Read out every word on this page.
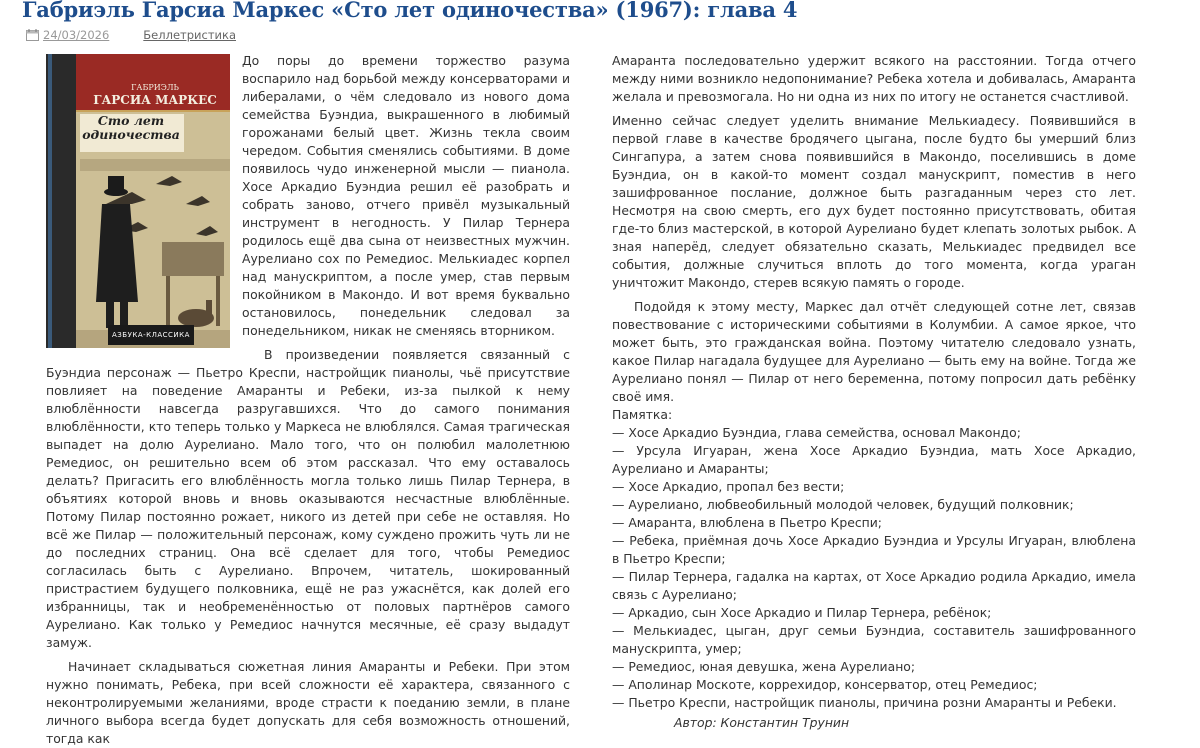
Габриэль Гарсиа Маркес «Сто лет одиночества» (1967): глава 4
24/03/2026	Беллетристика
ГАБРИЭЛЬ
ГАРСИА МАРКЕС
Сто лет одиночества
АЗБУКА-КЛАССИКА

До поры до времени торжество разума воспарило над борьбой между консерваторами и либералами, о чём следовало из нового дома семейства Буэндиа, выкрашенного в любимый горожанами белый цвет. Жизнь текла своим чередом. События сменялись событиями. В доме появилось чудо инженерной мысли — пианола. Хосе Аркадио Буэндиа решил её разобрать и собрать заново, отчего привёл музыкальный инструмент в негодность. У Пилар Тернера родилось ещё два сына от неизвестных мужчин. Аурелиано сох по Ремедиос. Мелькиадес корпел над манускриптом, а после умер, став первым покойником в Макондо. И вот время буквально остановилось, понедельник следовал за понедельником, никак не сменяясь вторником.

В произведении появляется связанный с Буэндиа персонаж — Пьетро Креспи, настройщик пианолы, чьё присутствие повлияет на поведение Амаранты и Ребеки, из-за пылкой к нему влюблённости навсегда разругавшихся. Что до самого понимания влюблённости, кто теперь только у Маркеса не влюблялся. Самая трагическая выпадет на долю Аурелиано. Мало того, что он полюбил малолетнюю Ремедиос, он решительно всем об этом рассказал. Что ему оставалось делать? Пригасить его влюблённость могла только лишь Пилар Тернера, в объятиях которой вновь и вновь оказываются несчастные влюблённые. Потому Пилар постоянно рожает, никого из детей при себе не оставляя. Но всё же Пилар — положительный персонаж, кому суждено прожить чуть ли не до последних страниц. Она всё сделает для того, чтобы Ремедиос согласилась быть с Аурелиано. Впрочем, читатель, шокированный пристрастием будущего полковника, ещё не раз ужаснётся, как долей его избранницы, так и необременённостью от половых партнёров самого Аурелиано. Как только у Ремедиос начнутся месячные, её сразу выдадут замуж.

Начинает складываться сюжетная линия Амаранты и Ребеки. При этом нужно понимать, Ребека, при всей сложности её характера, связанного с неконтролируемыми желаниями, вроде страсти к поеданию земли, в плане личного выбора всегда будет допускать для себя возможность отношений, тогда как

Амаранта последовательно удержит всякого на расстоянии. Тогда отчего между ними возникло недопонимание? Ребека хотела и добивалась, Амаранта желала и превозмогала. Но ни одна из них по итогу не останется счастливой.

Именно сейчас следует уделить внимание Мелькиадесу. Появившийся в первой главе в качестве бродячего цыгана, после будто бы умерший близ Сингапура, а затем снова появившийся в Макондо, поселившись в доме Буэндиа, он в какой-то момент создал манускрипт, поместив в него зашифрованное послание, должное быть разгаданным через сто лет. Несмотря на свою смерть, его дух будет постоянно присутствовать, обитая где-то близ мастерской, в которой Аурелиано будет клепать золотых рыбок. А зная наперёд, следует обязательно сказать, Мелькиадес предвидел все события, должные случиться вплоть до того момента, когда ураган уничтожит Макондо, стерев всякую память о городе.

Подойдя к этому месту, Маркес дал отчёт следующей сотне лет, связав повествование с историческими событиями в Колумбии. А самое яркое, что может быть, это гражданская война. Поэтому читателю следовало узнать, какое Пилар нагадала будущее для Аурелиано — быть ему на войне. Тогда же Аурелиано понял — Пилар от него беременна, потому попросил дать ребёнку своё имя.

Памятка:

— Хосе Аркадио Буэндиа, глава семейства, основал Макондо;

— Урсула Игуаран, жена Хосе Аркадио Буэндиа, мать Хосе Аркадио, Аурелиано и Амаранты;

— Хосе Аркадио, пропал без вести;

— Аурелиано, любвеобильный молодой человек, будущий полковник;

— Амаранта, влюблена в Пьетро Креспи;

— Ребека, приёмная дочь Хосе Аркадио Буэндиа и Урсулы Игуаран, влюблена в Пьетро Креспи;

— Пилар Тернера, гадалка на картах, от Хосе Аркадио родила Аркадио, имела связь с Аурелиано;

— Аркадио, сын Хосе Аркадио и Пилар Тернера, ребёнок;

— Мелькиадес, цыган, друг семьи Буэндиа, составитель зашифрованного манускрипта, умер;

— Ремедиос, юная девушка, жена Аурелиано;

— Аполинар Москоте, коррехидор, консерватор, отец Ремедиос;

— Пьетро Креспи, настройщик пианолы, причина розни Амаранты и Ребеки.

Автор: Константин Трунин
